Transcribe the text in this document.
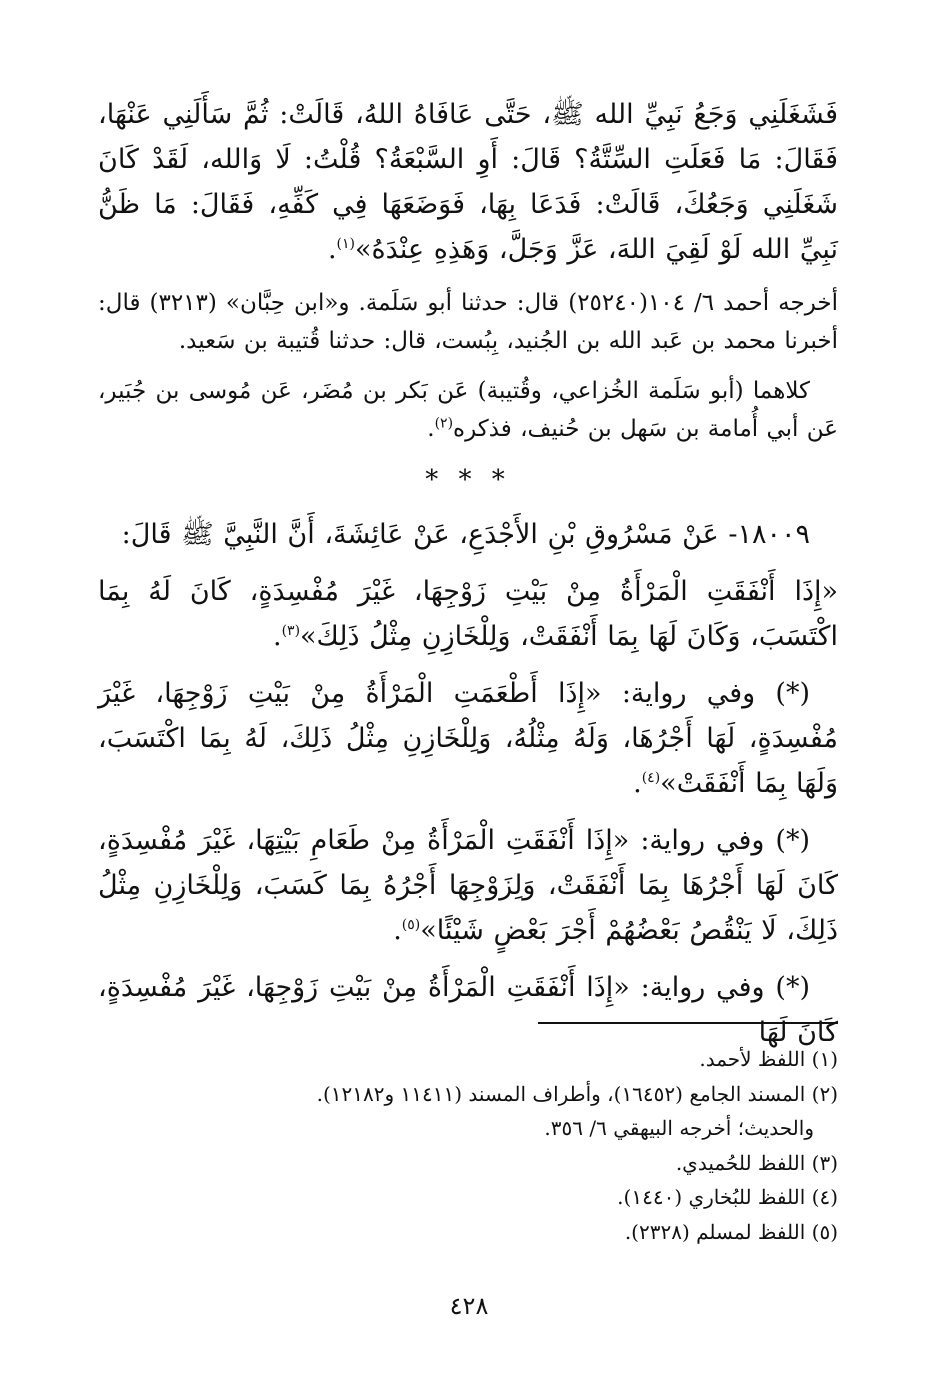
فَشَغَلَنِي وَجَعُ نَبِيِّ الله ﷺ، حَتَّى عَافَاهُ اللهُ، قَالَتْ: ثُمَّ سَأَلَنِي عَنْهَا، فَقَالَ: مَا فَعَلَتِ السِّتَّةُ؟ قَالَ: أَوِ السَّبْعَةُ؟ قُلْتُ: لَا وَالله، لَقَدْ كَانَ شَغَلَنِي وَجَعُكَ، قَالَتْ: فَدَعَا بِهَا، فَوَضَعَهَا فِي كَفِّهِ، فَقَالَ: مَا ظَنُّ نَبِيِّ الله لَوْ لَقِيَ اللهَ، عَزَّ وَجَلَّ، وَهَذِهِ عِنْدَهُ»$^{(١)}$.

أخرجه أحمد ٦/ ١٠٤(٢٥٢٤٠) قال: حدثنا أبو سَلَمة. و«ابن حِبَّان» (٣٢١٣) قال: أخبرنا محمد بن عَبد الله بن الجُنيد، بِبُست، قال: حدثنا قُتيبة بن سَعيد.

كلاهما (أبو سَلَمة الخُزاعي، وقُتيبة) عَن بَكر بن مُضَر، عَن مُوسى بن جُبَير، عَن أبي أُمامة بن سَهل بن حُنيف، فذكره$^{(٢)}$.

* * *

١٨٠٠٩- عَنْ مَسْرُوقِ بْنِ الأَجْدَعِ، عَنْ عَائِشَةَ، أَنَّ النَّبِيَّ ﷺ قَالَ:

«إِذَا أَنْفَقَتِ الْمَرْأَةُ مِنْ بَيْتِ زَوْجِهَا، غَيْرَ مُفْسِدَةٍ، كَانَ لَهُ بِمَا اكْتَسَبَ، وَكَانَ لَهَا بِمَا أَنْفَقَتْ، وَلِلْخَازِنِ مِثْلُ ذَلِكَ»$^{(٣)}$.

(*) وفي رواية: «إِذَا أَطْعَمَتِ الْمَرْأَةُ مِنْ بَيْتِ زَوْجِهَا، غَيْرَ مُفْسِدَةٍ، لَهَا أَجْرُهَا، وَلَهُ مِثْلُهُ، وَلِلْخَازِنِ مِثْلُ ذَلِكَ، لَهُ بِمَا اكْتَسَبَ، وَلَهَا بِمَا أَنْفَقَتْ»$^{(٤)}$.

(*) وفي رواية: «إِذَا أَنْفَقَتِ الْمَرْأَةُ مِنْ طَعَامِ بَيْتِهَا، غَيْرَ مُفْسِدَةٍ، كَانَ لَهَا أَجْرُهَا بِمَا أَنْفَقَتْ، وَلِزَوْجِهَا أَجْرُهُ بِمَا كَسَبَ، وَلِلْخَازِنِ مِثْلُ ذَلِكَ، لَا يَنْقُصُ بَعْضُهُمْ أَجْرَ بَعْضٍ شَيْئًا»$^{(٥)}$.

(*) وفي رواية: «إِذَا أَنْفَقَتِ الْمَرْأَةُ مِنْ بَيْتِ زَوْجِهَا، غَيْرَ مُفْسِدَةٍ، كَانَ لَهَا

(١) اللفظ لأحمد.

(٢) المسند الجامع (١٦٤٥٢)، وأطراف المسند (١١٤١١ و١٢١٨٢).

والحديث؛ أخرجه البيهقي ٦/ ٣٥٦.

(٣) اللفظ للحُميدي.

(٤) اللفظ للبُخاري (١٤٤٠).

(٥) اللفظ لمسلم (٢٣٢٨).

٤٢٨
